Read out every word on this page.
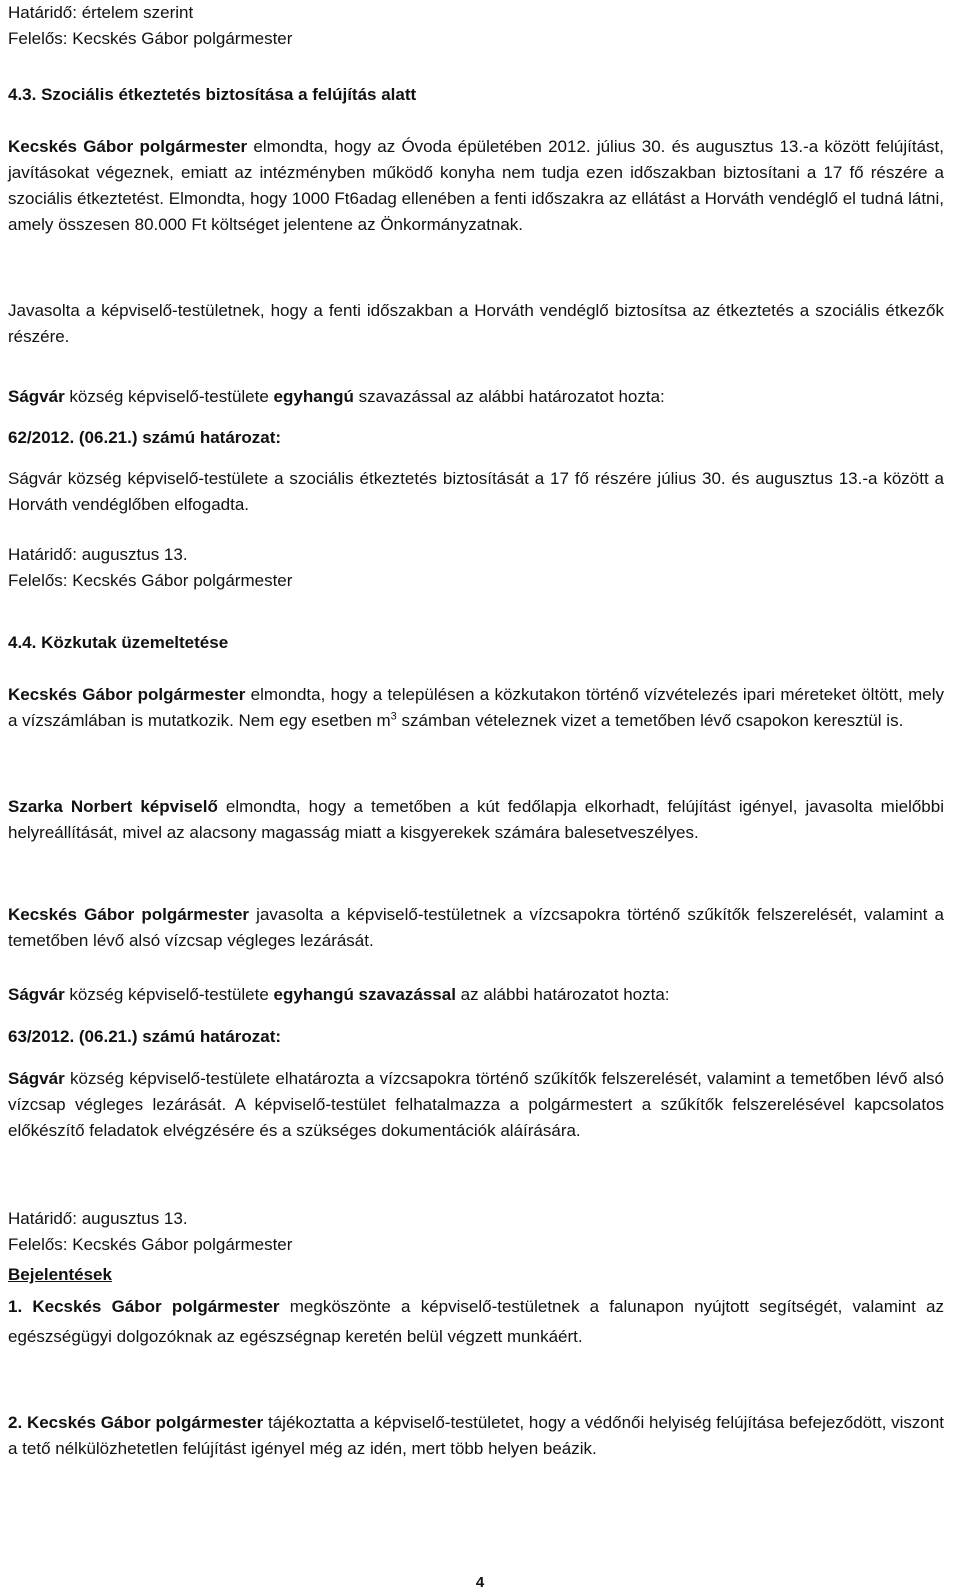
Határidő: értelem szerint
Felelős: Kecskés Gábor polgármester
4.3. Szociális étkeztetés biztosítása a felújítás alatt
Kecskés Gábor polgármester elmondta, hogy az Óvoda épületében 2012. július 30. és augusztus 13.-a között felújítást, javításokat végeznek, emiatt az intézményben működő konyha nem tudja ezen időszakban biztosítani a 17 fő részére a szociális étkeztetést. Elmondta, hogy 1000 Ft6adag ellenében a fenti időszakra az ellátást a Horváth vendéglő el tudná látni, amely összesen 80.000 Ft költséget jelentene az Önkormányzatnak.
Javasolta a képviselő-testületnek, hogy a fenti időszakban a Horváth vendéglő biztosítsa az étkeztetés a szociális étkezők részére.
Ságvár község képviselő-testülete egyhangú szavazással az alábbi határozatot hozta:
62/2012. (06.21.) számú határozat:
Ságvár község képviselő-testülete a szociális étkeztetés biztosítását a 17 fő részére július 30. és augusztus 13.-a között a Horváth vendéglőben elfogadta.
Határidő: augusztus 13.
Felelős: Kecskés Gábor polgármester
4.4. Közkutak üzemeltetése
Kecskés Gábor polgármester elmondta, hogy a településen a közkutakon történő vízvételezés ipari méreteket öltött, mely a vízszámlában is mutatkozik. Nem egy esetben $m^3$ számban vételeznek vizet a temetőben lévő csapokon keresztül is.
Szarka Norbert képviselő elmondta, hogy a temetőben a kút fedőlapja elkorhadt, felújítást igényel, javasolta mielőbbi helyreállítását, mivel az alacsony magasság miatt a kisgyerekek számára balesetveszélyes.
Kecskés Gábor polgármester javasolta a képviselő-testületnek a vízcsapokra történő szűkítők felszerelését, valamint a temetőben lévő alsó vízcsap végleges lezárását.
Ságvár község képviselő-testülete egyhangú szavazással az alábbi határozatot hozta:
63/2012. (06.21.) számú határozat:
Ságvár község képviselő-testülete elhatározta a vízcsapokra történő szűkítők felszerelését, valamint a temetőben lévő alsó vízcsap végleges lezárását. A képviselő-testület felhatalmazza a polgármestert a szűkítők felszerelésével kapcsolatos előkészítő feladatok elvégzésére és a szükséges dokumentációk aláírására.
Határidő: augusztus 13.
Felelős: Kecskés Gábor polgármester
Bejelentések
1. Kecskés Gábor polgármester megköszönte a képviselő-testületnek a falunapon nyújtott segítségét, valamint az egészségügyi dolgozóknak az egészségnap keretén belül végzett munkáért.
2. Kecskés Gábor polgármester tájékoztatta a képviselő-testületet, hogy a védőnői helyiség felújítása befejeződött, viszont a tető nélkülözhetetlen felújítást igényel még az idén, mert több helyen beázik.
4
